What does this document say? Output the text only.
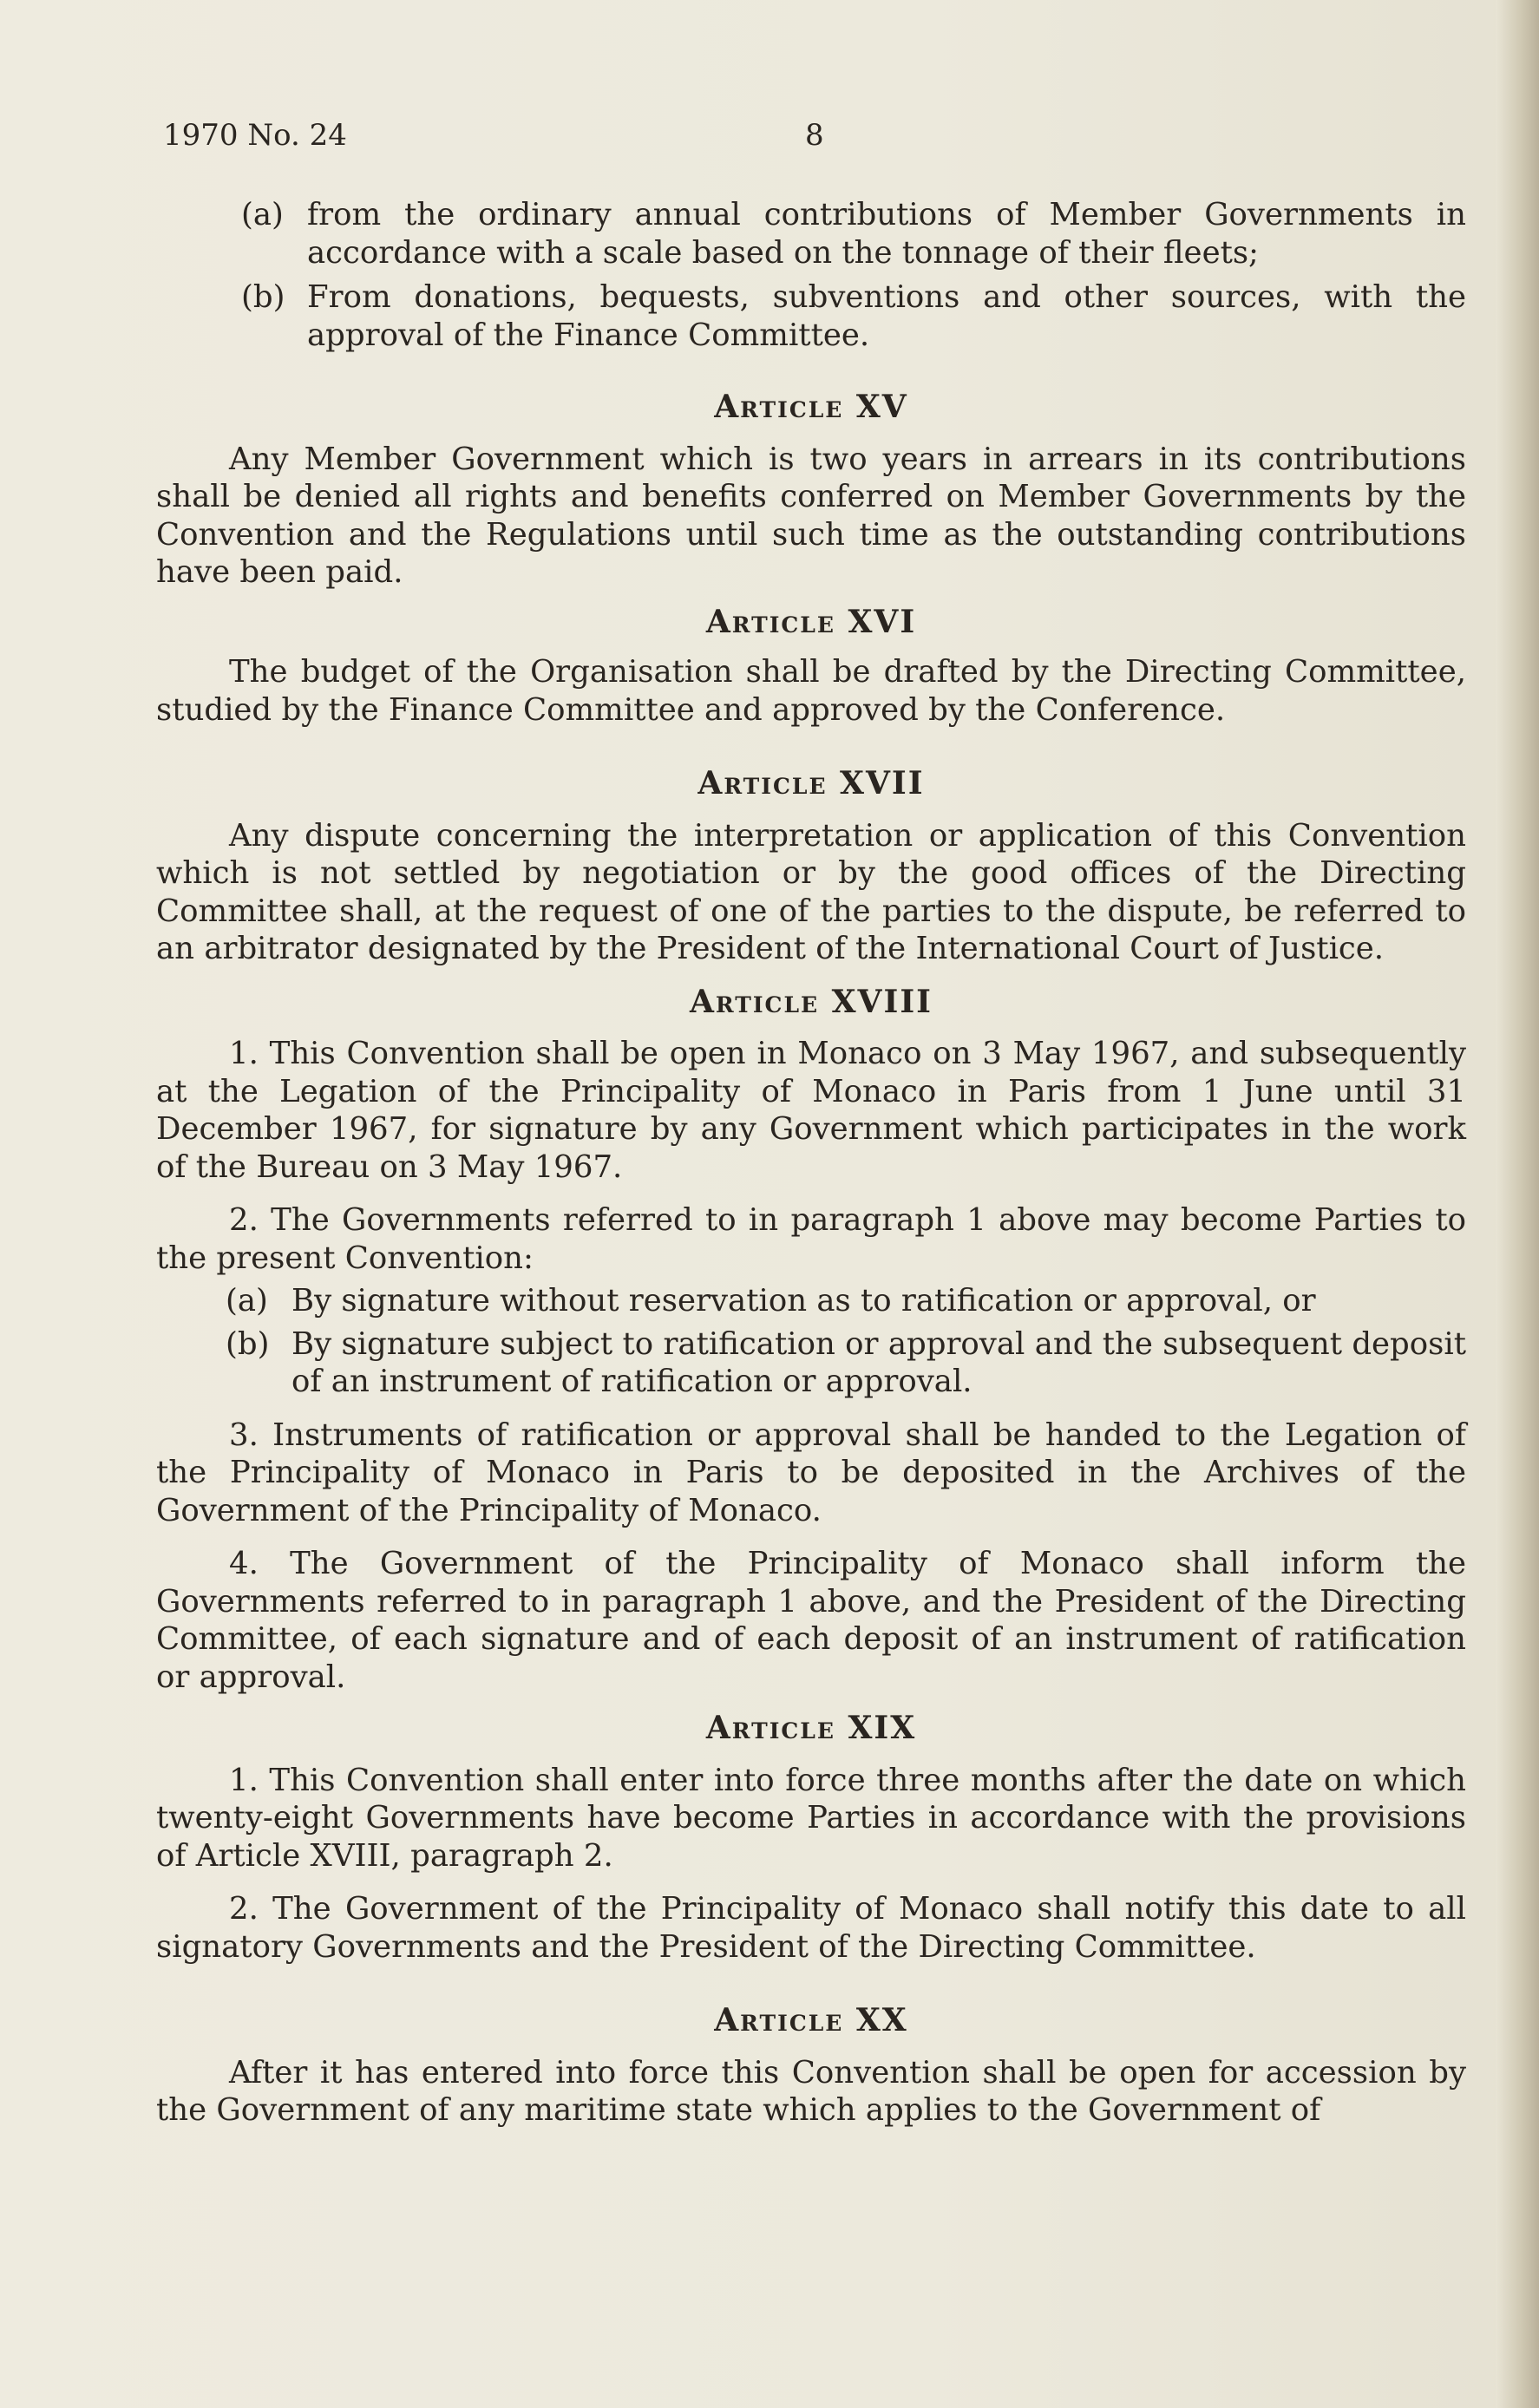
1970 No. 24	8
(a) from the ordinary annual contributions of Member Governments in accordance with a scale based on the tonnage of their fleets;
(b) From donations, bequests, subventions and other sources, with the approval of the Finance Committee.
Article XV

Any Member Government which is two years in arrears in its contributions shall be denied all rights and benefits conferred on Member Governments by the Convention and the Regulations until such time as the outstanding contributions have been paid.

Article XVI

The budget of the Organisation shall be drafted by the Directing Committee, studied by the Finance Committee and approved by the Conference.

Article XVII

Any dispute concerning the interpretation or application of this Convention which is not settled by negotiation or by the good offices of the Directing Committee shall, at the request of one of the parties to the dispute, be referred to an arbitrator designated by the President of the International Court of Justice.

Article XVIII

1. This Convention shall be open in Monaco on 3 May 1967, and subsequently at the Legation of the Principality of Monaco in Paris from 1 June until 31 December 1967, for signature by any Government which participates in the work of the Bureau on 3 May 1967.

2. The Governments referred to in paragraph 1 above may become Parties to the present Convention:

(a) By signature without reservation as to ratification or approval, or
(b) By signature subject to ratification or approval and the subsequent deposit of an instrument of ratification or approval.

3. Instruments of ratification or approval shall be handed to the Legation of the Principality of Monaco in Paris to be deposited in the Archives of the Government of the Principality of Monaco.

4. The Government of the Principality of Monaco shall inform the Governments referred to in paragraph 1 above, and the President of the Directing Committee, of each signature and of each deposit of an instrument of ratification or approval.

Article XIX

1. This Convention shall enter into force three months after the date on which twenty-eight Governments have become Parties in accordance with the provisions of Article XVIII, paragraph 2.

2. The Government of the Principality of Monaco shall notify this date to all signatory Governments and the President of the Directing Committee.

Article XX

After it has entered into force this Convention shall be open for accession by the Government of any maritime state which applies to the Government of
